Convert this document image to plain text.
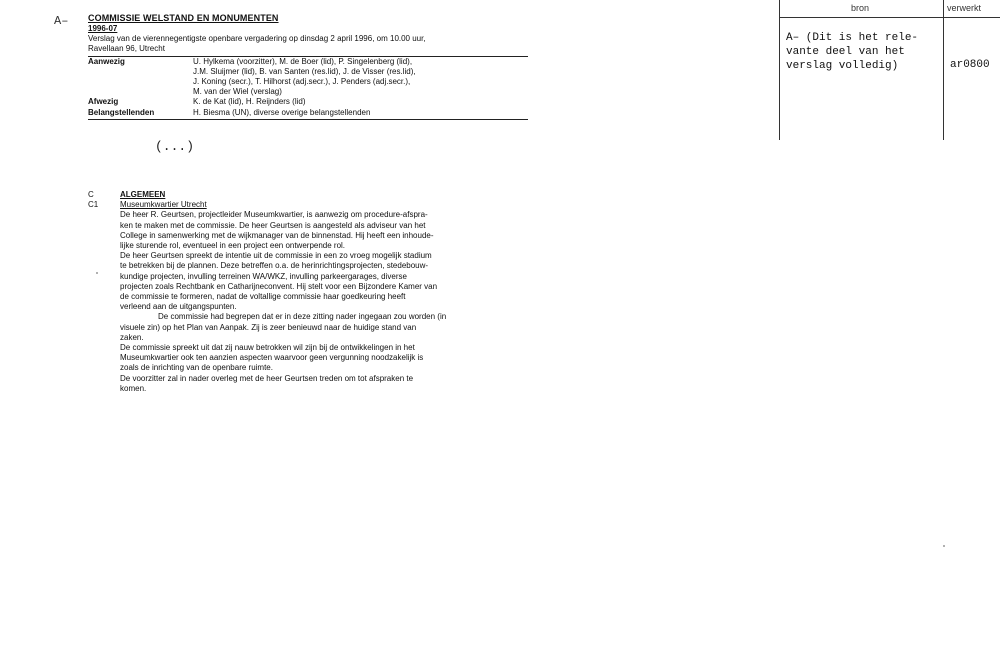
A– COMMISSIE WELSTAND EN MONUMENTEN
1996-07
Verslag van de vierennegentigste openbare vergadering op dinsdag 2 april 1996, om 10.00 uur,
Ravellaan 96, Utrecht
Aanwezig	U. Hylkema (voorzitter), M. de Boer (lid), P. Singelenberg (lid),
J.M. Sluijmer (lid), B. van Santen (res.lid), J. de Visser (res.lid),
J. Koning (secr.), T. Hilhorst (adj.secr.), J. Penders (adj.secr.),
M. van der Wiel (verslag)
Afwezig	K. de Kat (lid), H. Reijnders (lid)
Belangstellenden	H. Biesma (UN), diverse overige belangstellenden
(...)
C	ALGEMEEN
C1	Museumkwartier Utrecht
De heer R. Geurtsen, projectleider Museumkwartier, is aanwezig om procedure-afspra-
ken te maken met de commissie. De heer Geurtsen is aangesteld als adviseur van het
College in samenwerking met de wijkmanager van de binnenstad. Hij heeft een inhoude-
lijke sturende rol, eventueel in een project een ontwerpende rol.
De heer Geurtsen spreekt de intentie uit de commissie in een zo vroeg mogelijk stadium
te betrekken bij de plannen. Deze betreffen o.a. de herinrichtingsprojecten, stedebouw-
kundige projecten, invulling terreinen WA/WKZ, invulling parkeergarages, diverse
projecten zoals Rechtbank en Catharijneconvent. Hij stelt voor een Bijzondere Kamer van
de commissie te formeren, nadat de voltallige commissie haar goedkeuring heeft
verleend aan de uitgangspunten.
De commissie had begrepen dat er in deze zitting nader ingegaan zou worden (in
visuele zin) op het Plan van Aanpak. Zij is zeer benieuwd naar de huidige stand van
zaken.
De commissie spreekt uit dat zij nauw betrokken wil zijn bij de ontwikkelingen in het
Museumkwartier ook ten aanzien aspecten waarvoor geen vergunning noodzakelijk is
zoals de inrichting van de openbare ruimte.
De voorzitter zal in nader overleg met de heer Geurtsen treden om tot afspraken te
komen.
bron	verwerkt
A– (Dit is het rele-
vante deel van het
verslag volledig)	ar0800
